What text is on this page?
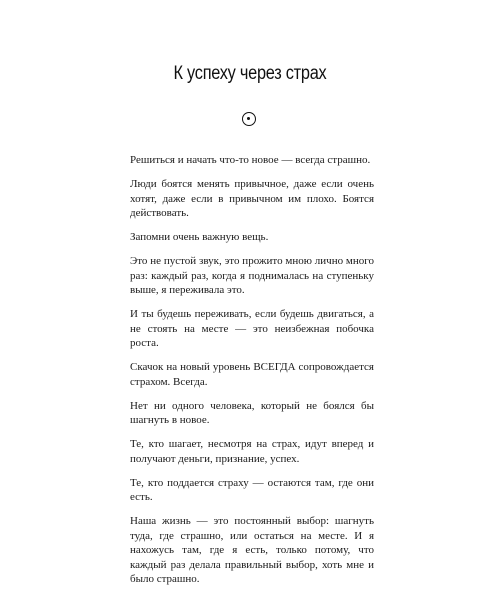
К успеху через страх

Решиться и начать что-то новое — всегда страшно.

Люди боятся менять привычное, даже если очень хотят, даже если в привычном им плохо. Боятся действовать.

Запомни очень важную вещь.

Это не пустой звук, это прожито мною лично много раз: каждый раз, когда я поднималась на ступеньку выше, я переживала это.

И ты будешь переживать, если будешь двигаться, а не стоять на месте — это неизбежная побочка роста.

Скачок на новый уровень ВСЕГДА сопровождается страхом. Всегда.

Нет ни одного человека, который не боялся бы шагнуть в новое.

Те, кто шагает, несмотря на страх, идут вперед и получают деньги, признание, успех.

Те, кто поддается страху — остаются там, где они есть.

Наша жизнь — это постоянный выбор: шагнуть туда, где страшно, или остаться на месте. И я нахожусь там, где я есть, только потому, что каждый раз делала правильный выбор, хоть мне и было страшно.
